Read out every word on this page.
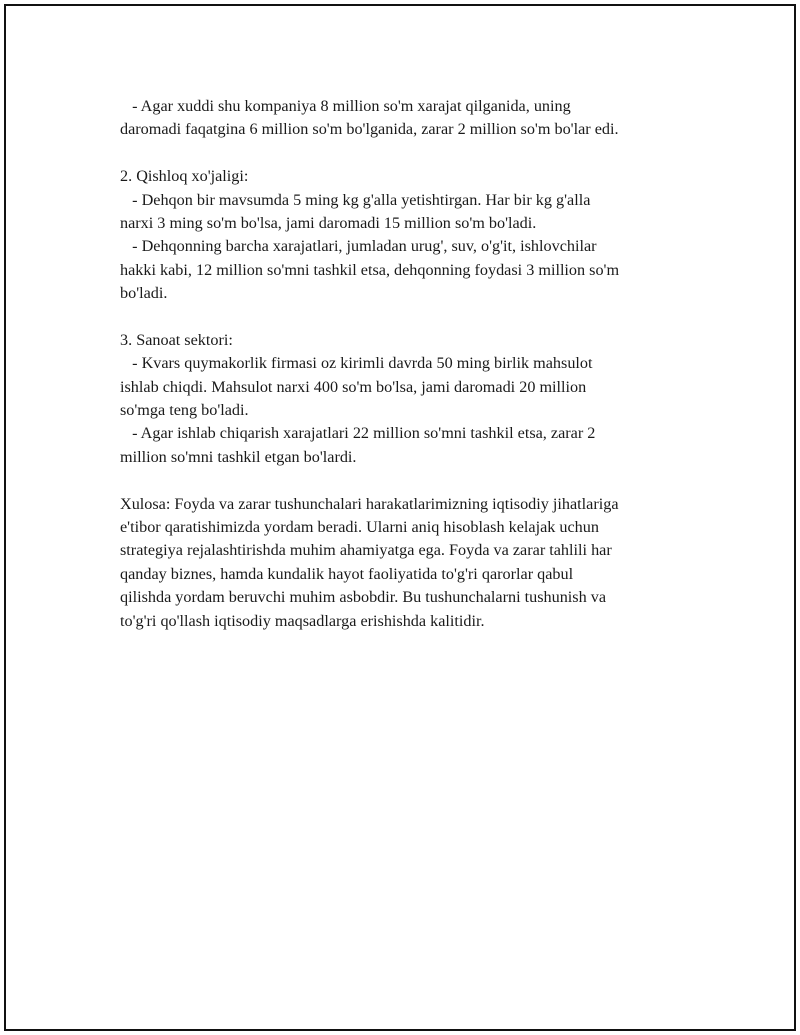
- Agar xuddi shu kompaniya 8 million so'm xarajat qilganida, uning
daromadi faqatgina 6 million so'm bo'lganida, zarar 2 million so'm bo'lar edi.
2. Qishloq xo'jaligi:
- Dehqon bir mavsumda 5 ming kg g'alla yetishtirgan. Har bir kg g'alla
narxi 3 ming so'm bo'lsa, jami daromadi 15 million so'm bo'ladi.
- Dehqonning barcha xarajatlari, jumladan urug', suv, o'g'it, ishlovchilar
hakki kabi, 12 million so'mni tashkil etsa, dehqonning foydasi 3 million so'm
bo'ladi.
3. Sanoat sektori:
- Kvars quymakorlik firmasi oz kirimli davrda 50 ming birlik mahsulot
ishlab chiqdi. Mahsulot narxi 400 so'm bo'lsa, jami daromadi 20 million
so'mga teng bo'ladi.
- Agar ishlab chiqarish xarajatlari 22 million so'mni tashkil etsa, zarar 2
million so'mni tashkil etgan bo'lardi.
Xulosa: Foyda va zarar tushunchalari harakatlarimizning iqtisodiy jihatlariga
e'tibor qaratishimizda yordam beradi. Ularni aniq hisoblash kelajak uchun
strategiya rejalashtirishda muhim ahamiyatga ega. Foyda va zarar tahlili har
qanday biznes, hamda kundalik hayot faoliyatida to'g'ri qarorlar qabul
qilishda yordam beruvchi muhim asbobdir. Bu tushunchalarni tushunish va
to'g'ri qo'llash iqtisodiy maqsadlarga erishishda kalitidir.
